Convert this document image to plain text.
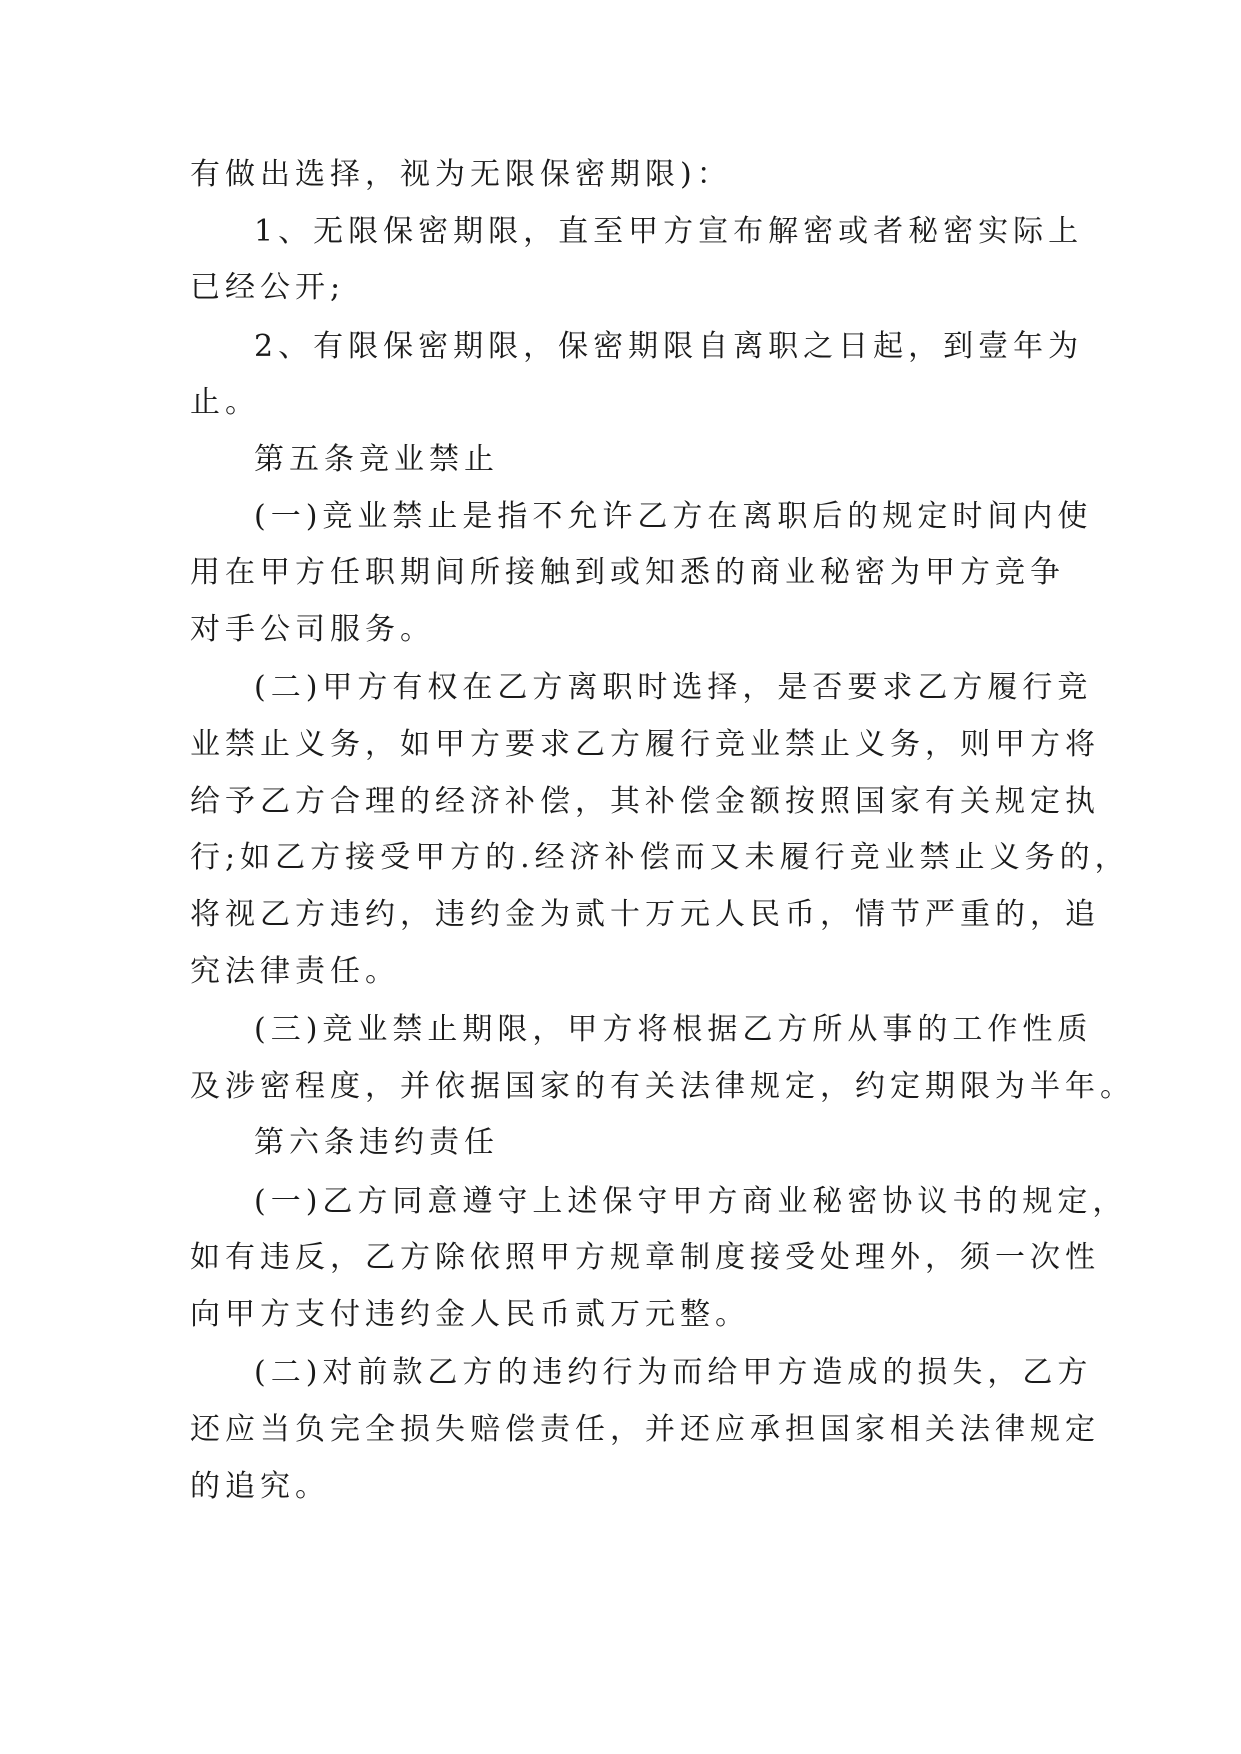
有做出选择，视为无限保密期限)：
1、无限保密期限，直至甲方宣布解密或者秘密实际上
已经公开;
2、有限保密期限，保密期限自离职之日起，到壹年为
止。
第五条竞业禁止
(一)竞业禁止是指不允许乙方在离职后的规定时间内使
用在甲方任职期间所接触到或知悉的商业秘密为甲方竞争
对手公司服务。
(二)甲方有权在乙方离职时选择，是否要求乙方履行竞
业禁止义务，如甲方要求乙方履行竞业禁止义务，则甲方将
给予乙方合理的经济补偿，其补偿金额按照国家有关规定执
行;如乙方接受甲方的.经济补偿而又未履行竞业禁止义务的，
将视乙方违约，违约金为贰十万元人民币，情节严重的，追
究法律责任。
(三)竞业禁止期限，甲方将根据乙方所从事的工作性质
及涉密程度，并依据国家的有关法律规定，约定期限为半年。
第六条违约责任
(一)乙方同意遵守上述保守甲方商业秘密协议书的规定，
如有违反，乙方除依照甲方规章制度接受处理外，须一次性
向甲方支付违约金人民币贰万元整。
(二)对前款乙方的违约行为而给甲方造成的损失，乙方
还应当负完全损失赔偿责任，并还应承担国家相关法律规定
的追究。
